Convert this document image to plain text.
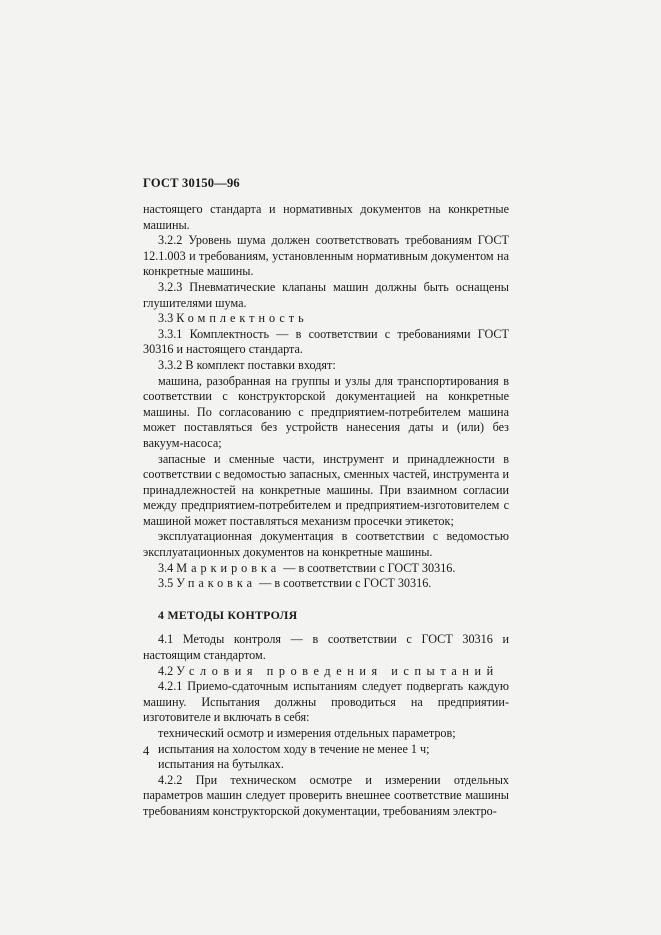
ГОСТ 30150—96

настоящего стандарта и нормативных документов на конкретные машины.

3.2.2 Уровень шума должен соответствовать требованиям ГОСТ 12.1.003 и требованиям, установленным нормативным документом на конкретные машины.

3.2.3 Пневматические клапаны машин должны быть оснащены глушителями шума.

3.3 Комплектность

3.3.1 Комплектность — в соответствии с требованиями ГОСТ 30316 и настоящего стандарта.

3.3.2 В комплект поставки входят:

машина, разобранная на группы и узлы для транспортирования в соответствии с конструкторской документацией на конкретные машины. По согласованию с предприятием-потребителем машина может поставляться без устройств нанесения даты и (или) без вакуум-насоса;

запасные и сменные части, инструмент и принадлежности в соответствии с ведомостью запасных, сменных частей, инструмента и принадлежностей на конкретные машины. При взаимном согласии между предприятием-потребителем и предприятием-изготовителем с машиной может поставляться механизм просечки этикеток;

эксплуатационная документация в соответствии с ведомостью эксплуатационных документов на конкретные машины.

3.4 Маркировка — в соответствии с ГОСТ 30316.

3.5 Упаковка — в соответствии с ГОСТ 30316.

4 МЕТОДЫ КОНТРОЛЯ

4.1 Методы контроля — в соответствии с ГОСТ 30316 и настоящим стандартом.

4.2 Условия проведения испытаний

4.2.1 Приемо-сдаточным испытаниям следует подвергать каждую машину. Испытания должны проводиться на предприятии-изготовителе и включать в себя:

технический осмотр и измерения отдельных параметров;

испытания на холостом ходу в течение не менее 1 ч;

испытания на бутылках.

4.2.2 При техническом осмотре и измерении отдельных параметров машин следует проверить внешнее соответствие машины требованиям конструкторской документации, требованиям электро-

4
